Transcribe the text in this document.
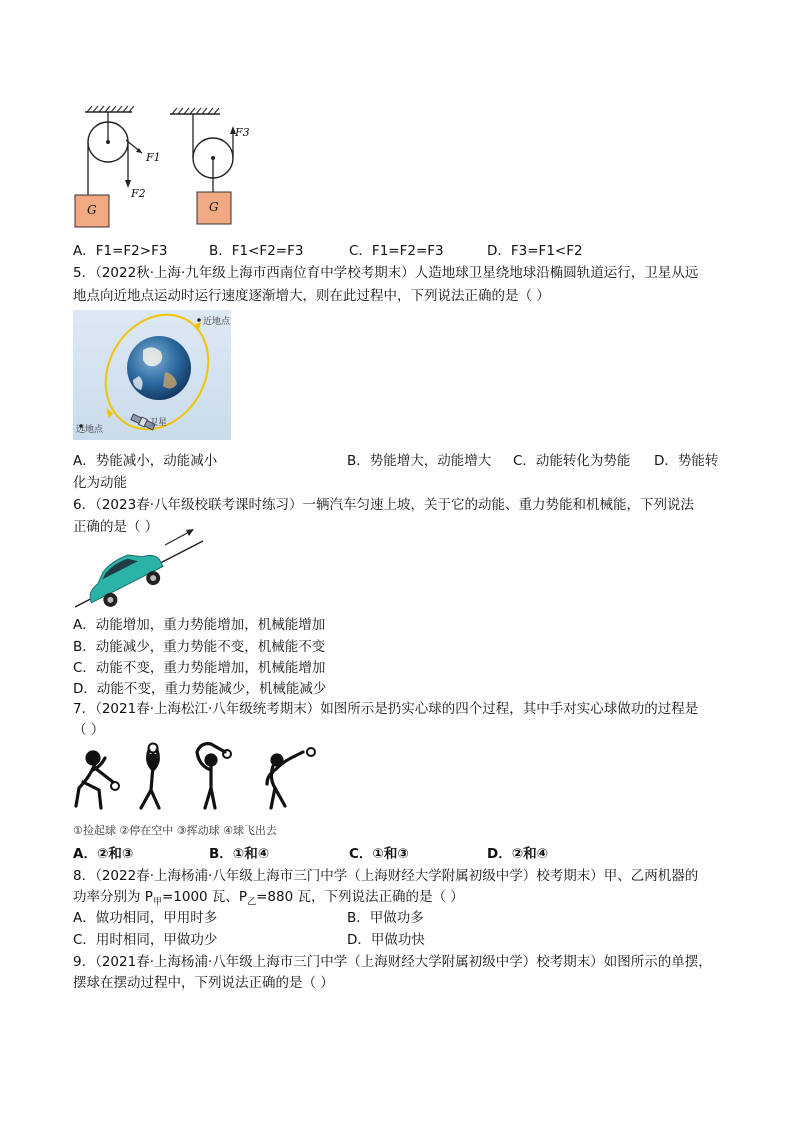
F1
F2
F3
G	G
A．F1=F2>F3	B．F1<F2=F3	C．F1=F2=F3	D．F3=F1<F2
5．（2022秋·上海·九年级上海市西南位育中学校考期末）人造地球卫星绕地球沿椭圆轨道运行，卫星从远
地点向近地点运动时运行速度逐渐增大，则在此过程中，下列说法正确的是（ ）
近地点
远地点
卫星
A．势能减小，动能减小	B．势能增大，动能增大 C．动能转化为势能 D．势能转
化为动能
6．（2023春·八年级校联考课时练习）一辆汽车匀速上坡，关于它的动能、重力势能和机械能，下列说法
正确的是（ ）
A．动能增加，重力势能增加，机械能增加
B．动能减少，重力势能不变，机械能不变
C．动能不变，重力势能增加，机械能增加
D．动能不变，重力势能减少，机械能减少
7．（2021春·上海松江·八年级统考期末）如图所示是扔实心球的四个过程，其中手对实心球做功的过程是
（ ）
①捡起球 ②停在空中 ③挥动球 ④球飞出去
A．②和③	B．①和④	C．①和③	D．②和④
8．（2022春·上海杨浦·八年级上海市三门中学（上海财经大学附属初级中学）校考期末）甲、乙两机器的
功率分别为 $P_甲=1000$ 瓦、$P_乙=880$ 瓦，下列说法正确的是（ ）
A．做功相同，甲用时多	B．甲做功多
C．用时相同，甲做功少	D．甲做功快
9．（2021春·上海杨浦·八年级上海市三门中学（上海财经大学附属初级中学）校考期末）如图所示的单摆，
摆球在摆动过程中，下列说法正确的是（ ）
